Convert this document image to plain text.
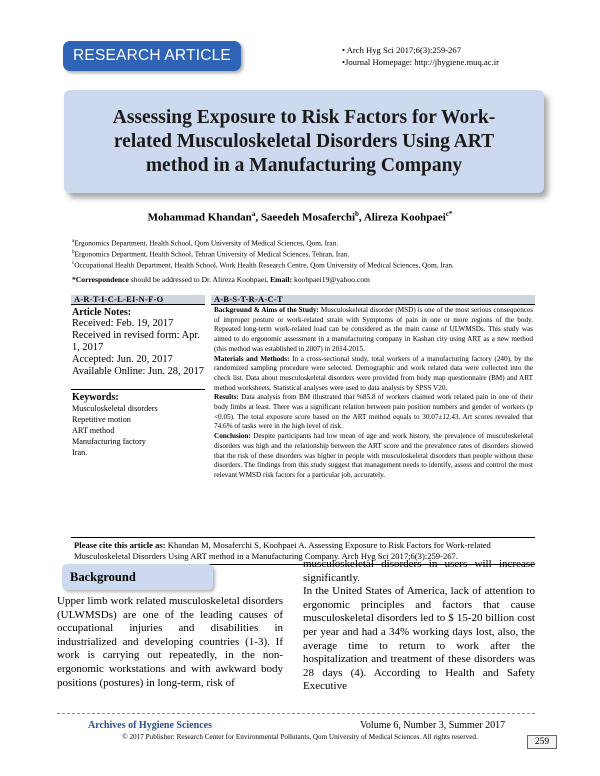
RESEARCH ARTICLE	• Arch Hyg Sci 2017;6(3):259-267
•Journal Homepage: http://jhygiene.muq.ac.ir
Assessing Exposure to Risk Factors for Work-related Musculoskeletal Disorders Using ART method in a Manufacturing Company
Mohammad Khandan$^a$, Saeedeh Mosaferchi$^b$, Alireza Koohpaei$^{c*}$
$^a$Ergonomics Department, Health School, Qom University of Medical Sciences, Qom, Iran.
$^b$Ergonomics Department, Health School, Tehran University of Medical Sciences, Tehran, Iran.
$^c$Occupational Health Department, Health School, Work Health Research Centre, Qom University of Medical Sciences, Qom, Iran.
*Correspondence should be addressed to Dr. Alireza Koohpaei, Email: koohpaei19@yahoo.com
A-R-T-I-C-L-EI-N-F-O
Article Notes:
Received: Feb. 19, 2017
Received in revised form: Apr. 1, 2017
Accepted: Jun. 20, 2017
Available Online: Jun. 28, 2017
Keywords:
Musculoskeletal disorders
Repetitive motion
ART method
Manufacturing factory
Iran.
A-B-S-T-R-A-C-T
Background & Aims of the Study: Musculoskeletal disorder (MSD) is one of the most serious consequences of improper posture or work-related strain with Symptoms of pain in one or more regions of the body. Repeated long-term work-related load can be considered as the main cause of ULWMSDs. This study was aimed to do ergonomic assessment in a manufacturing company in Kashan city using ART as a new method (this method was established in 2007) in 2014-2015.
Materials and Methods: In a cross-sectional study, total workers of a manufacturing factory (240), by the randomized sampling procedure were selected. Demographic and work related data were collected into the check list. Data about musculoskeletal disorders were provided from body map questionnaire (BM) and ART method worksheets. Statistical analyses were used to data analysis by SPSS V20.
Results: Data analysis from BM illustrated that %85.8 of workers claimed work related pain in one of their body limbs at least. There was a significant relation between pain position numbers and gender of workers (p <0.05). The total exposure score based on the ART method equals to 30.07±12.43. Art scores revealed that 74.6% of tasks were in the high level of risk.
Conclusion: Despite participants had low mean of age and work history, the prevalence of musculoskeletal disorders was high and the relationship between the ART score and the prevalence rates of disorders showed that the risk of these disorders was higher in people with musculoskeletal disorders than people without these disorders. The findings from this study suggest that management needs to identify, assess and control the most relevant WMSD risk factors for a particular job, accurately.
Please cite this article as: Khandan M, Mosaferchi S, Koohpaei A. Assessing Exposure to Risk Factors for Work-related Musculoskeletal Disorders Using ART method in a Manufacturing Company. Arch Hyg Sci 2017;6(3):259-267.
Background

Upper limb work related musculoskeletal disorders (ULWMSDs) are one of the leading causes of occupational injuries and disabilities in industrialized and developing countries (1-3). If work is carrying out repeatedly, in the non-ergonomic workstations and with awkward body positions (postures) in long-term, risk of

musculoskeletal disorders in users will increase significantly.

In the United States of America, lack of attention to ergonomic principles and factors that cause musculoskeletal disorders led to $ 15-20 billion cost per year and had a 34% working days lost, also, the average time to return to work after the hospitalization and treatment of these disorders was 28 days (4). According to Health and Safety Executive

Archives of Hygiene Sciences	Volume 6, Number 3, Summer 2017
© 2017 Publisher: Research Center for Environmental Pollutants, Qom University of Medical Sciences. All rights reserved.	259
